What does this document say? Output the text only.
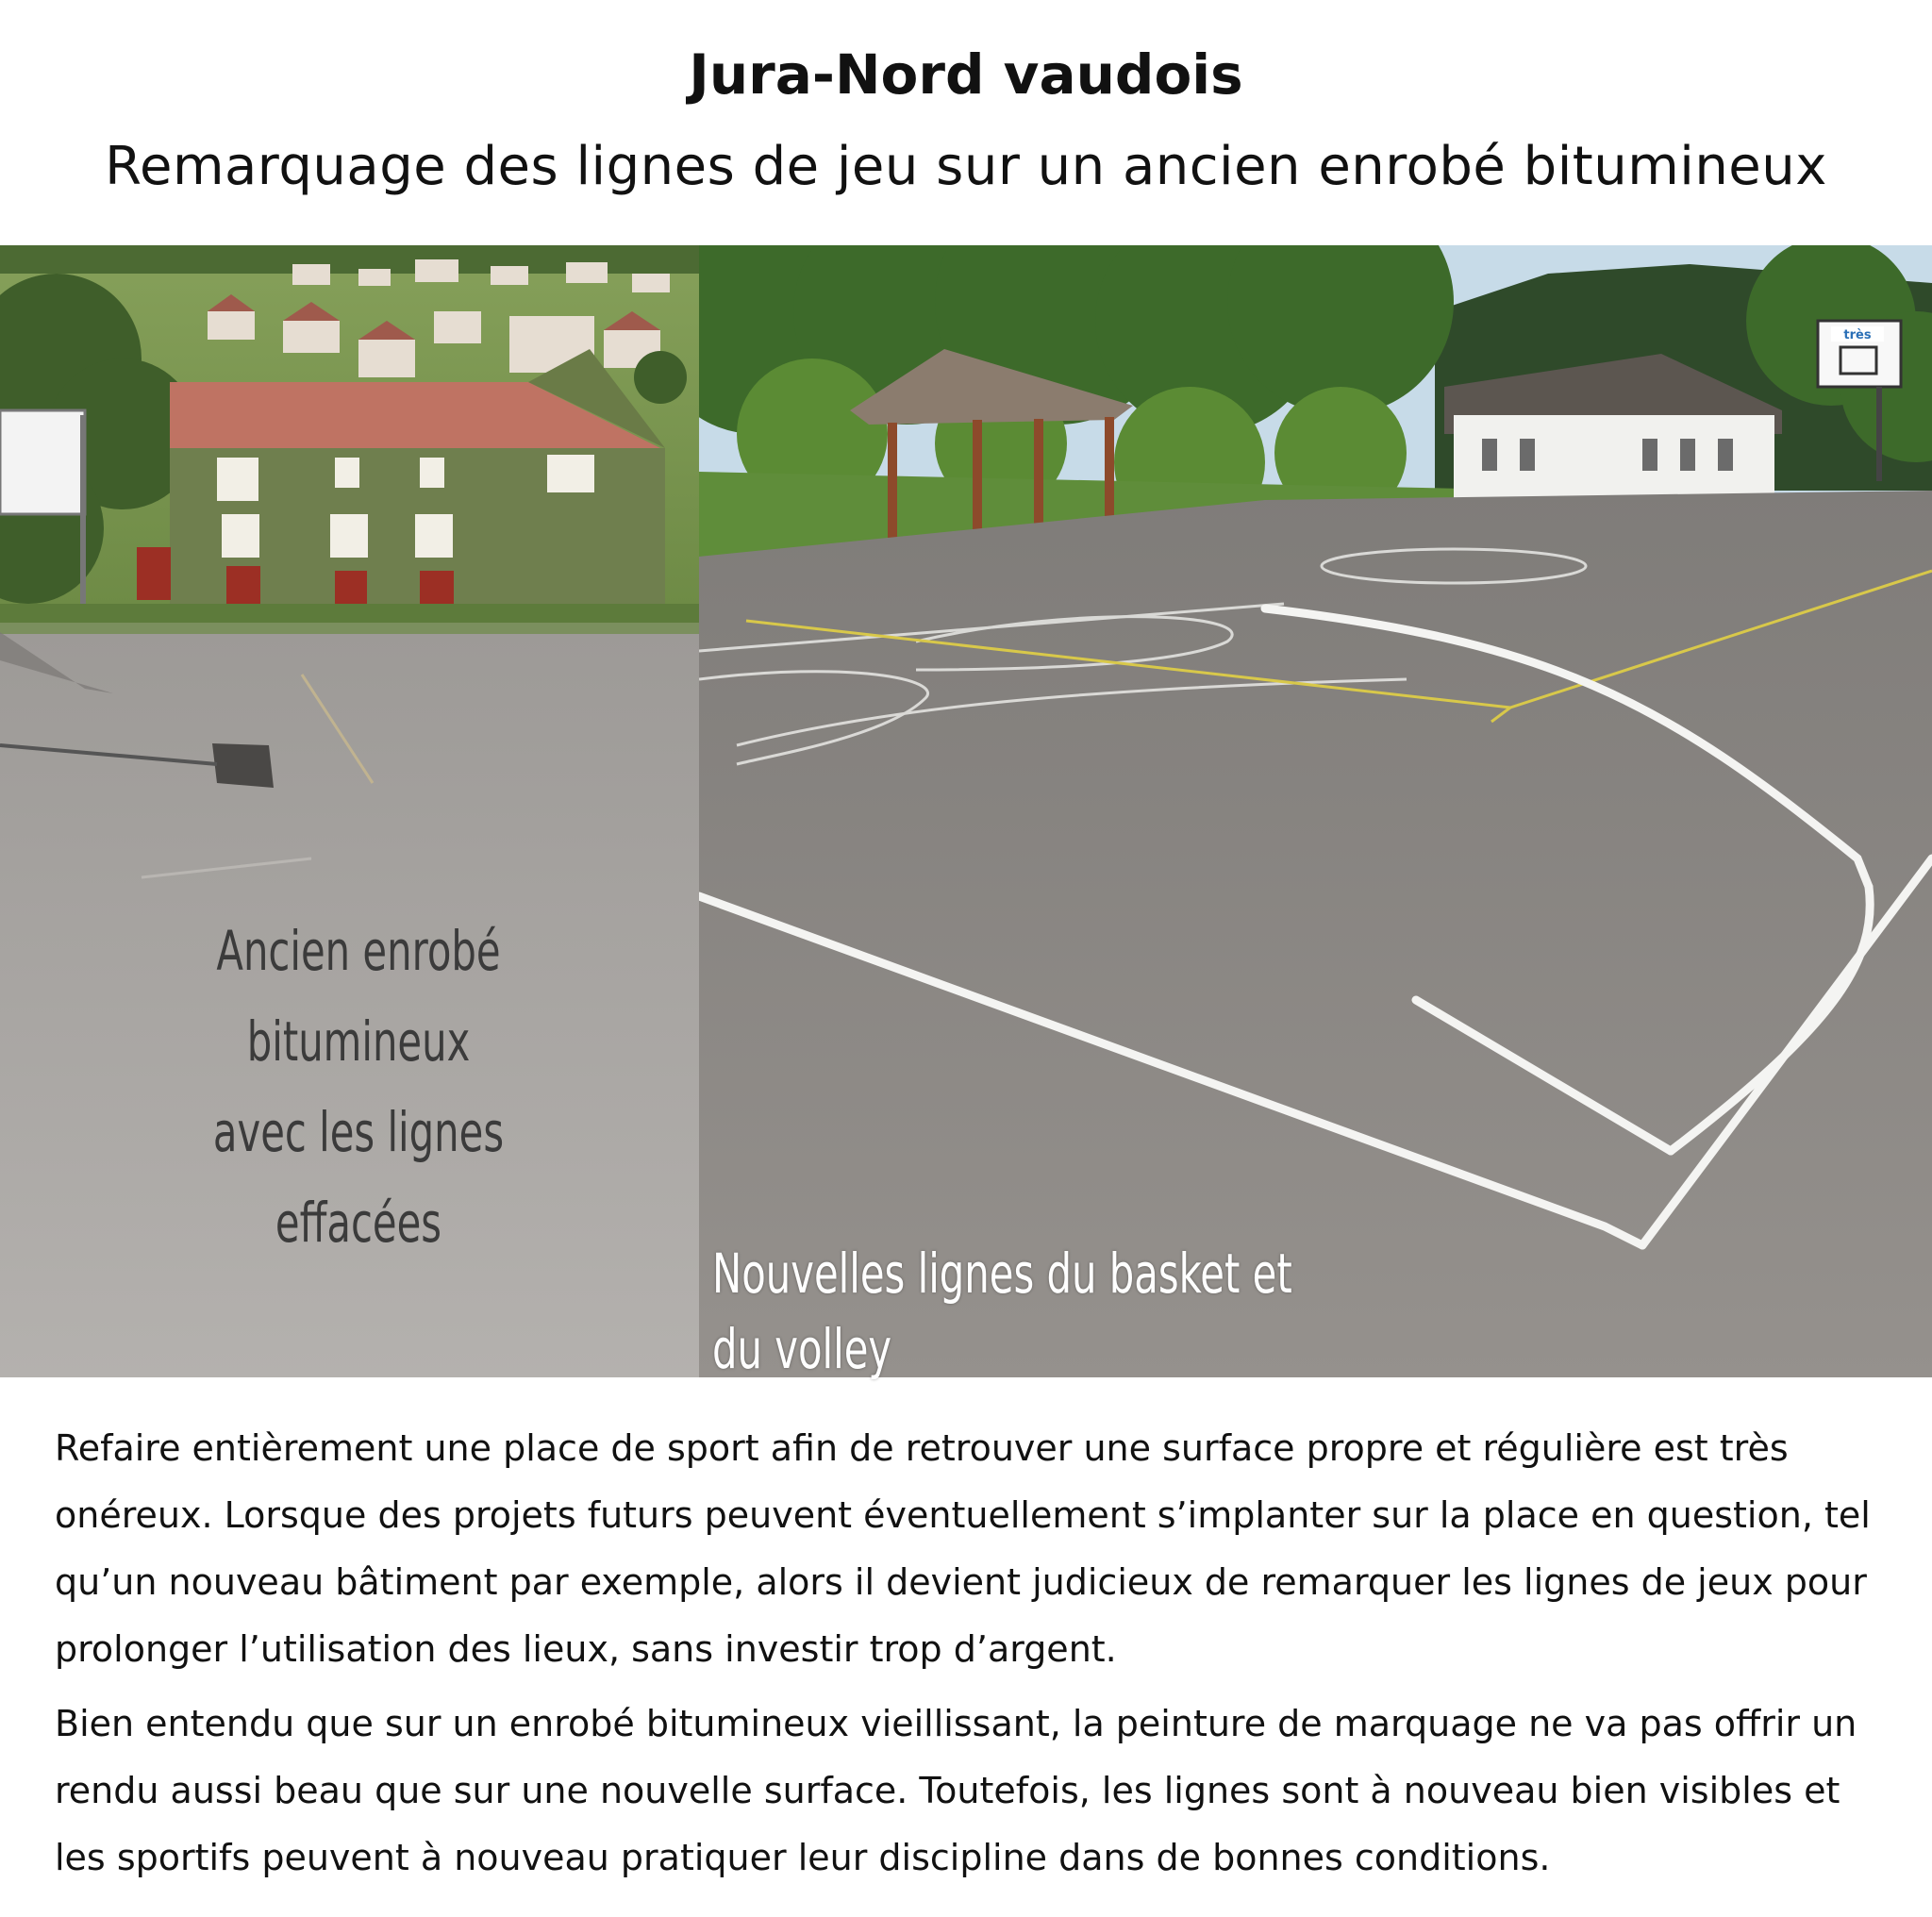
Jura-Nord vaudois
Remarquage des lignes de jeu sur un ancien enrobé bitumineux
Ancien enrobé bitumineux
avec les lignes effacées
très
Nouvelles lignes du basket et du volley

Refaire entièrement une place de sport afin de retrouver une surface propre et régulière est très onéreux. Lorsque des projets futurs peuvent éventuellement s’implanter sur la place en question, tel qu’un nouveau bâtiment par exemple, alors il devient judicieux de remarquer les lignes de jeux pour prolonger l’utilisation des lieux, sans investir trop d’argent.

Bien entendu que sur un enrobé bitumineux vieillissant, la peinture de marquage ne va pas offrir un rendu aussi beau que sur une nouvelle surface. Toutefois, les lignes sont à nouveau bien visibles et les sportifs peuvent à nouveau pratiquer leur discipline dans de bonnes conditions.
